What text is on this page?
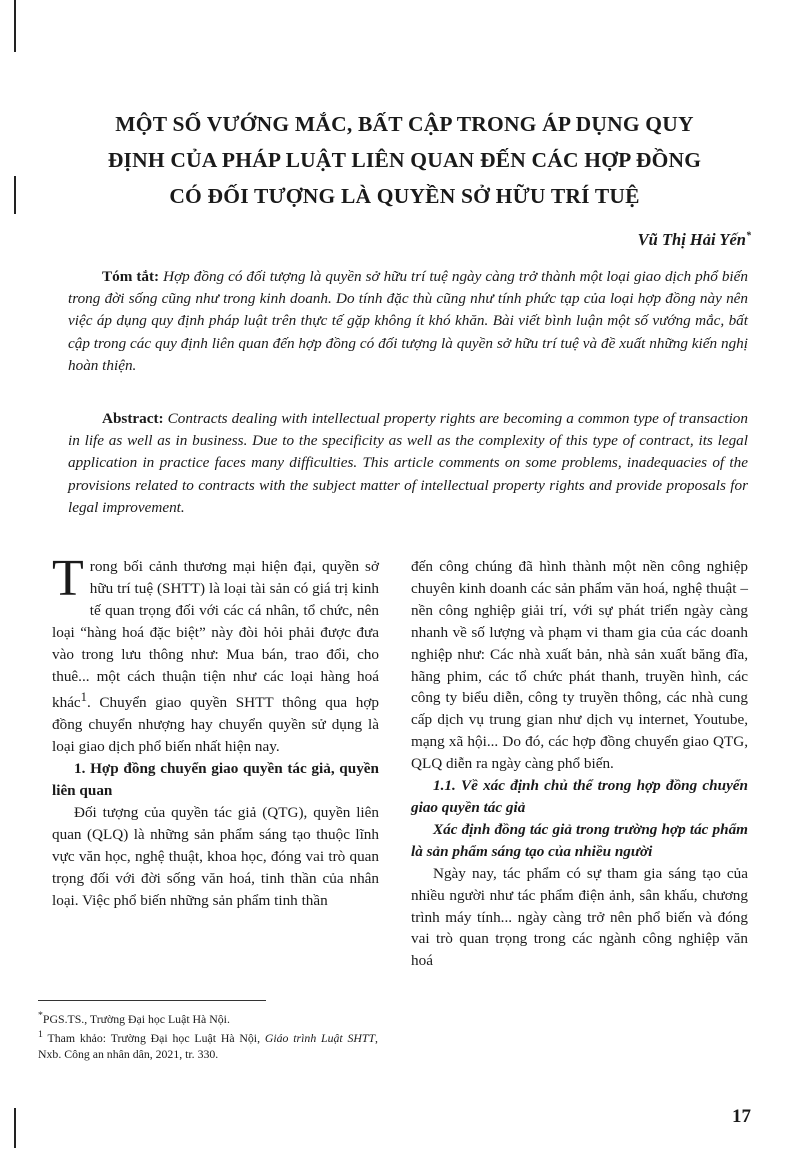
MỘT SỐ VƯỚNG MẮC, BẤT CẬP TRONG ÁP DỤNG QUY
ĐỊNH CỦA PHÁP LUẬT LIÊN QUAN ĐẾN CÁC HỢP ĐỒNG
CÓ ĐỐI TƯỢNG LÀ QUYỀN SỞ HỮU TRÍ TUỆ
Vũ Thị Hải Yến*
Tóm tắt: Hợp đồng có đối tượng là quyền sở hữu trí tuệ ngày càng trở thành một loại giao dịch phổ biến trong đời sống cũng như trong kinh doanh. Do tính đặc thù cũng như tính phức tạp của loại hợp đồng này nên việc áp dụng quy định pháp luật trên thực tế gặp không ít khó khăn. Bài viết bình luận một số vướng mắc, bất cập trong các quy định liên quan đến hợp đồng có đối tượng là quyền sở hữu trí tuệ và đề xuất những kiến nghị hoàn thiện.
Abstract: Contracts dealing with intellectual property rights are becoming a common type of transaction in life as well as in business. Due to the specificity as well as the complexity of this type of contract, its legal application in practice faces many difficulties. This article comments on some problems, inadequacies of the provisions related to contracts with the subject matter of intellectual property rights and provide proposals for legal improvement.

Trong bối cảnh thương mại hiện đại, quyền sở hữu trí tuệ (SHTT) là loại tài sản có giá trị kinh tế quan trọng đối với các cá nhân, tổ chức, nên loại “hàng hoá đặc biệt” này đòi hỏi phải được đưa vào trong lưu thông như: Mua bán, trao đổi, cho thuê... một cách thuận tiện như các loại hàng hoá khác$^1$. Chuyển giao quyền SHTT thông qua hợp đồng chuyển nhượng hay chuyển quyền sử dụng là loại giao dịch phổ biến nhất hiện nay.

1. Hợp đồng chuyển giao quyền tác giả, quyền liên quan

Đối tượng của quyền tác giả (QTG), quyền liên quan (QLQ) là những sản phẩm sáng tạo thuộc lĩnh vực văn học, nghệ thuật, khoa học, đóng vai trò quan trọng đối với đời sống văn hoá, tinh thần của nhân loại. Việc phổ biến những sản phẩm tinh thần

đến công chúng đã hình thành một nền công nghiệp chuyên kinh doanh các sản phẩm văn hoá, nghệ thuật – nền công nghiệp giải trí, với sự phát triển ngày càng nhanh về số lượng và phạm vi tham gia của các doanh nghiệp như: Các nhà xuất bản, nhà sản xuất băng đĩa, hãng phim, các tổ chức phát thanh, truyền hình, các công ty biểu diễn, công ty truyền thông, các nhà cung cấp dịch vụ trung gian như dịch vụ internet, Youtube, mạng xã hội... Do đó, các hợp đồng chuyển giao QTG, QLQ diễn ra ngày càng phổ biến.

1.1. Về xác định chủ thể trong hợp đồng chuyển giao quyền tác giả

Xác định đồng tác giả trong trường hợp tác phẩm là sản phẩm sáng tạo của nhiều người

Ngày nay, tác phẩm có sự tham gia sáng tạo của nhiều người như tác phẩm điện ảnh, sân khấu, chương trình máy tính... ngày càng trở nên phổ biến và đóng vai trò quan trọng trong các ngành công nghiệp văn hoá

*PGS.TS., Trường Đại học Luật Hà Nội.
$^1$ Tham khảo: Trường Đại học Luật Hà Nội, Giáo trình Luật SHTT, Nxb. Công an nhân dân, 2021, tr. 330.
17
